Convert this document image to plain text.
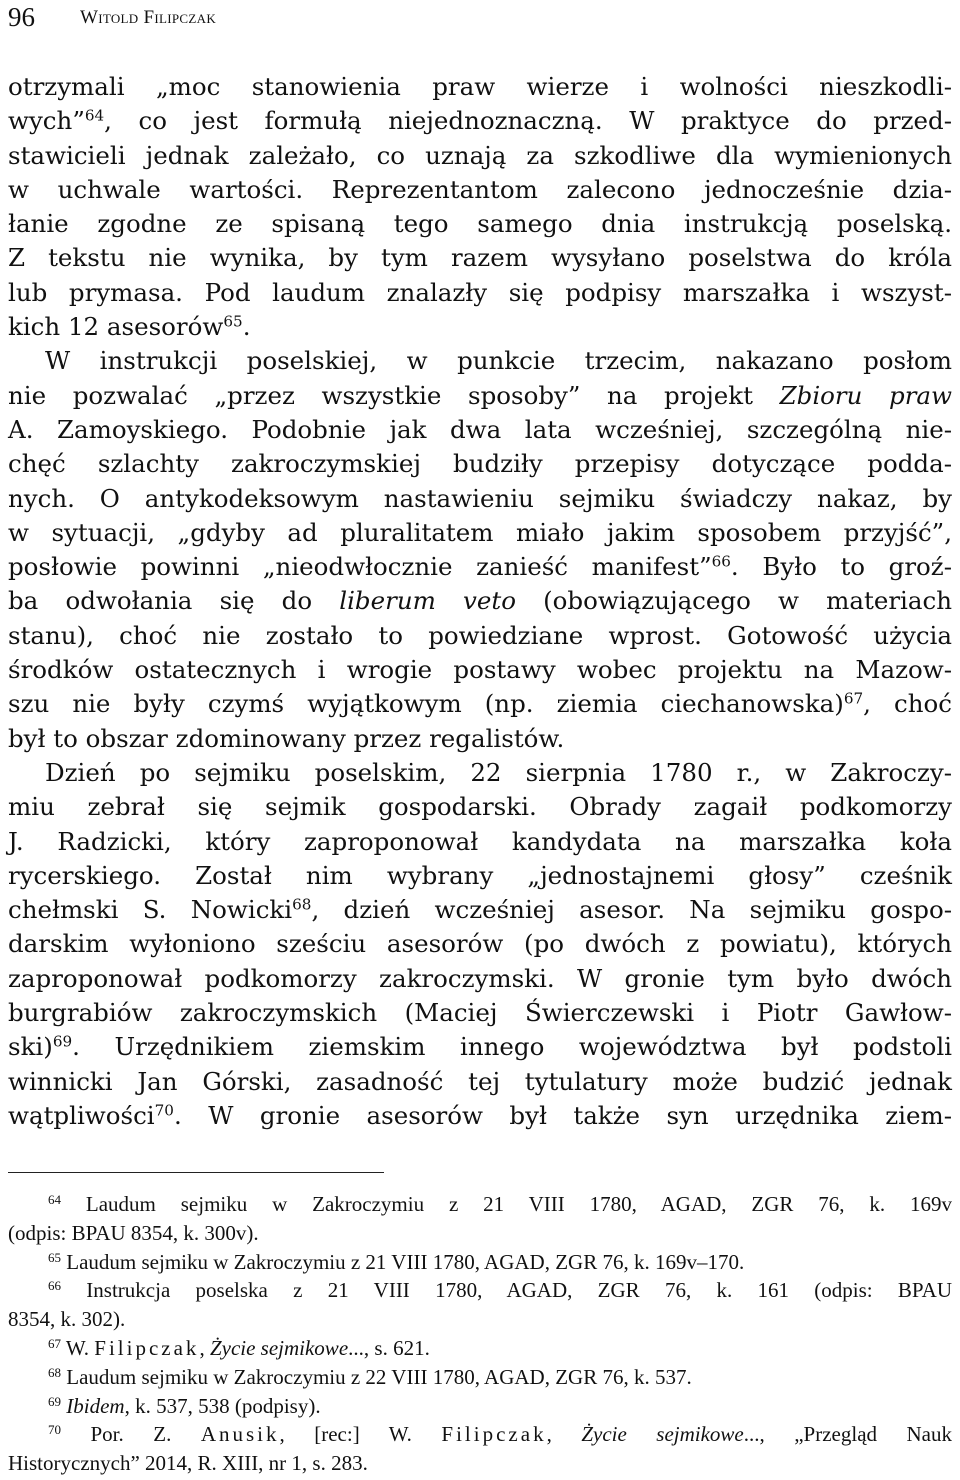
96 Witold Filipczak

otrzymali „moc stanowienia praw wierze i wolności nieszkodli-
wych”$^{64}$, co jest formułą niejednoznaczną. W praktyce do przed-
stawicieli jednak zależało, co uznają za szkodliwe dla wymienionych
w uchwale wartości. Reprezentantom zalecono jednocześnie dzia-
łanie zgodne ze spisaną tego samego dnia instrukcją poselską.
Z tekstu nie wynika, by tym razem wysyłano poselstwa do króla
lub prymasa. Pod laudum znalazły się podpisy marszałka i wszyst-
kich 12 asesorów$^{65}$.

W instrukcji poselskiej, w punkcie trzecim, nakazano posłom
nie pozwalać „przez wszystkie sposoby” na projekt Zbioru praw
A. Zamoyskiego. Podobnie jak dwa lata wcześniej, szczególną nie-
chęć szlachty zakroczymskiej budziły przepisy dotyczące podda-
nych. O antykodeksowym nastawieniu sejmiku świadczy nakaz, by
w sytuacji, „gdyby ad pluralitatem miało jakim sposobem przyjść”,
posłowie powinni „nieodwłocznie zanieść manifest”$^{66}$. Było to groź-
ba odwołania się do liberum veto (obowiązującego w materiach
stanu), choć nie zostało to powiedziane wprost. Gotowość użycia
środków ostatecznych i wrogie postawy wobec projektu na Mazow-
szu nie były czymś wyjątkowym (np. ziemia ciechanowska)$^{67}$, choć
był to obszar zdominowany przez regalistów.

Dzień po sejmiku poselskim, 22 sierpnia 1780 r., w Zakroczy-
miu zebrał się sejmik gospodarski. Obrady zagaił podkomorzy
J. Radzicki, który zaproponował kandydata na marszałka koła
rycerskiego. Został nim wybrany „jednostajnemi głosy” cześnik
chełmski S. Nowicki$^{68}$, dzień wcześniej asesor. Na sejmiku gospo-
darskim wyłoniono sześciu asesorów (po dwóch z powiatu), których
zaproponował podkomorzy zakroczymski. W gronie tym było dwóch
burgrabiów zakroczymskich (Maciej Świerczewski i Piotr Gawłow-
ski)$^{69}$. Urzędnikiem ziemskim innego województwa był podstoli
winnicki Jan Górski, zasadność tej tytulatury może budzić jednak
wątpliwości$^{70}$. W gronie asesorów był także syn urzędnika ziem-

$^{64}$ Laudum sejmiku w Zakroczymiu z 21 VIII 1780, AGAD, ZGR 76, k. 169v
(odpis: BPAU 8354, k. 300v).

$^{65}$ Laudum sejmiku w Zakroczymiu z 21 VIII 1780, AGAD, ZGR 76, k. 169v–170.

$^{66}$ Instrukcja poselska z 21 VIII 1780, AGAD, ZGR 76, k. 161 (odpis: BPAU
8354, k. 302).

$^{67}$ W. Filipczak, Życie sejmikowe..., s. 621.

$^{68}$ Laudum sejmiku w Zakroczymiu z 22 VIII 1780, AGAD, ZGR 76, k. 537.

$^{69}$ Ibidem, k. 537, 538 (podpisy).

$^{70}$ Por. Z. Anusik, [rec:] W. Filipczak, Życie sejmikowe..., „Przegląd Nauk
Historycznych” 2014, R. XIII, nr 1, s. 283.
